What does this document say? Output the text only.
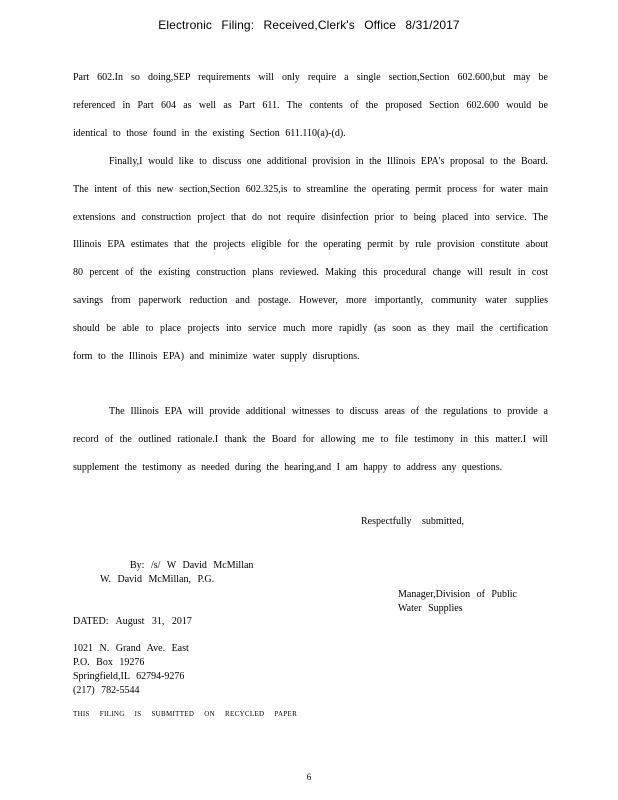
Electronic Filing: Received,Clerk's Office 8/31/2017
Part 602.In so doing,SEP requirements will only require a single section,Section 602.600,but may be referenced in Part 604 as well as Part 611. The contents of the proposed Section 602.600 would be identical to those found in the existing Section 611.110(a)-(d).
Finally,I would like to discuss one additional provision in the Illinois EPA's proposal to the Board. The intent of this new section,Section 602.325,is to streamline the operating permit process for water main extensions and construction project that do not require disinfection prior to being placed into service. The Illinois EPA estimates that the projects eligible for the operating permit by rule provision constitute about 80 percent of the existing construction plans reviewed. Making this procedural change will result in cost savings from paperwork reduction and postage. However, more importantly, community water supplies should be able to place projects into service much more rapidly (as soon as they mail the certification form to the Illinois EPA) and minimize water supply disruptions.
The Illinois EPA will provide additional witnesses to discuss areas of the regulations to provide a record of the outlined rationale.I thank the Board for allowing me to file testimony in this matter.I will supplement the testimony as needed during the hearing,and I am happy to address any questions.
Respectfully submitted,
By: /s/ W David McMillan
W. David McMillan, P.G.
Manager,Division of Public
Water Supplies
DATED: August 31, 2017
1021 N. Grand Ave. East
P.O. Box 19276
Springfield,IL 62794-9276
(217) 782-5544
THIS FILING IS SUBMITTED ON RECYCLED PAPER
6
